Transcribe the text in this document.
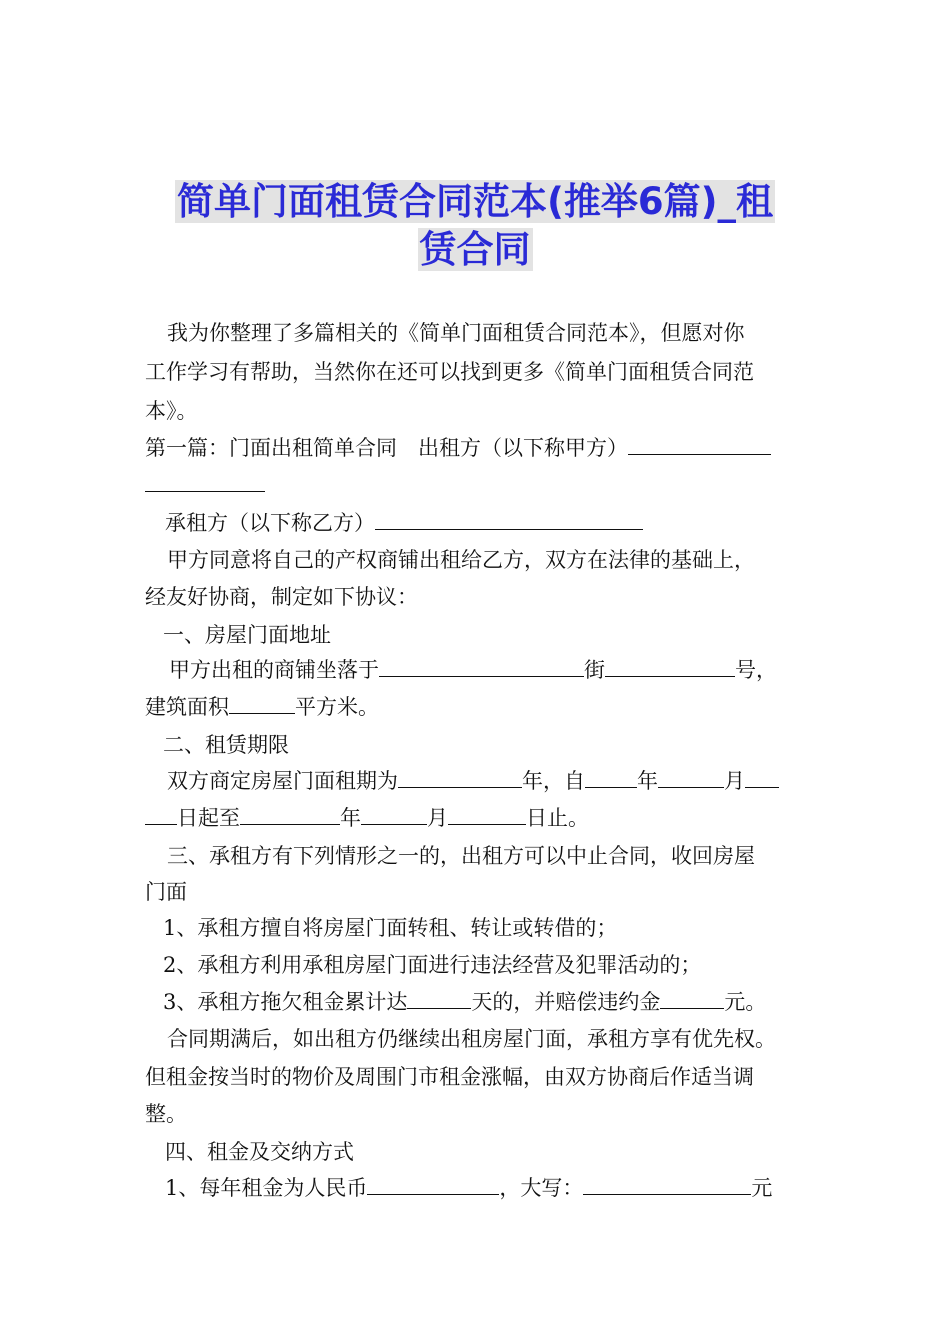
简单门面租赁合同范本(推举6篇)_租
赁合同
我为你整理了多篇相关的《简单门面租赁合同范本》，但愿对你
工作学习有帮助，当然你在还可以找到更多《简单门面租赁合同范
本》。
第一篇：门面出租简单合同　出租方（以下称甲方）
承租方（以下称乙方）
甲方同意将自己的产权商铺出租给乙方，双方在法律的基础上，
经友好协商，制定如下协议：
一、房屋门面地址
甲方出租的商铺坐落于	街	号，
建筑面积	平方米。
二、租赁期限
双方商定房屋门面租期为	年，自 年	月
日起至	年	月	日止。
三、承租方有下列情形之一的，出租方可以中止合同，收回房屋
门面
1、承租方擅自将房屋门面转租、转让或转借的；
2、承租方利用承租房屋门面进行违法经营及犯罪活动的；
3、承租方拖欠租金累计达	天的，并赔偿违约金	元。
合同期满后，如出租方仍继续出租房屋门面，承租方享有优先权。
但租金按当时的物价及周围门市租金涨幅，由双方协商后作适当调
整。
四、租金及交纳方式
1、每年租金为人民币	，大写：	元
